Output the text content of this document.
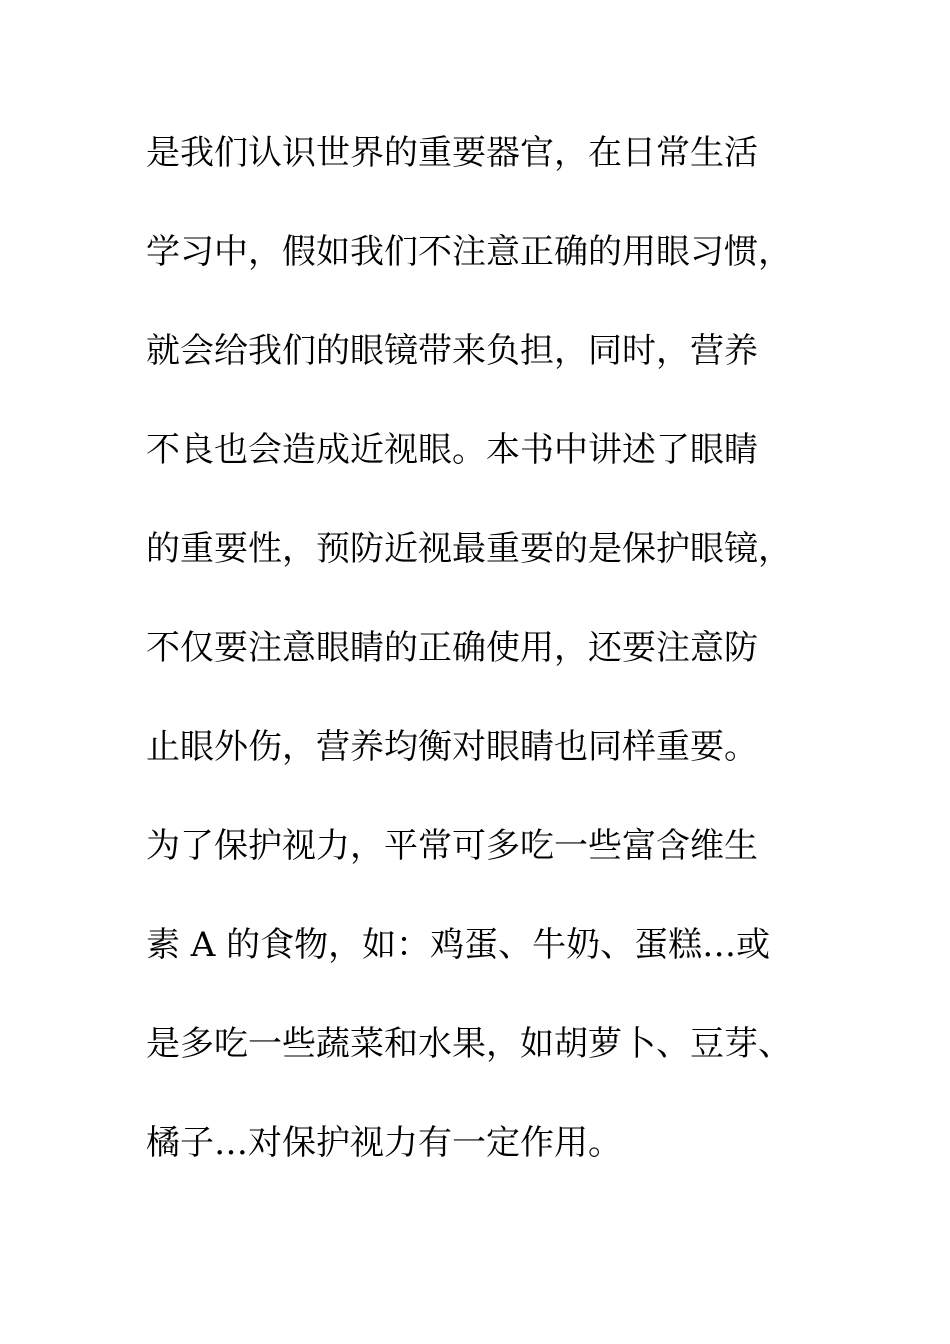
是我们认识世界的重要器官，在日常生活
学习中，假如我们不注意正确的用眼习惯，
就会给我们的眼镜带来负担，同时，营养
不良也会造成近视眼。本书中讲述了眼睛
的重要性，预防近视最重要的是保护眼镜，
不仅要注意眼睛的正确使用，还要注意防
止眼外伤，营养均衡对眼睛也同样重要。
为了保护视力，平常可多吃一些富含维生
素 A 的食物，如：鸡蛋、牛奶、蛋糕…或
是多吃一些蔬菜和水果，如胡萝卜、豆芽、
橘子…对保护视力有一定作用。
